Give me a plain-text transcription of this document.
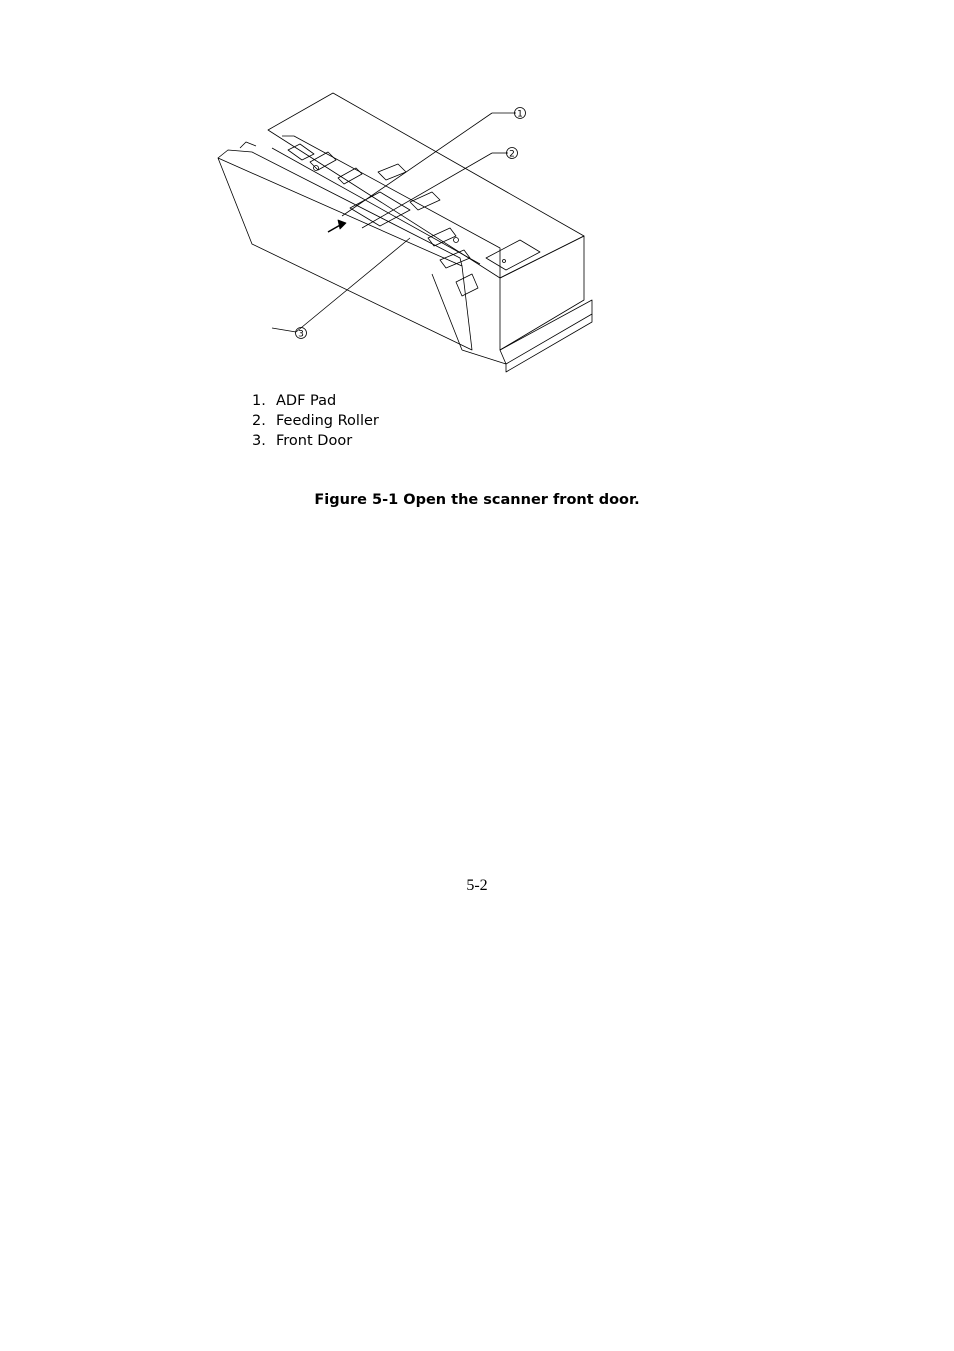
1
2
3
1. ADF Pad
2. Feeding Roller
3. Front Door
Figure 5-1 Open the scanner front door.
5-2
